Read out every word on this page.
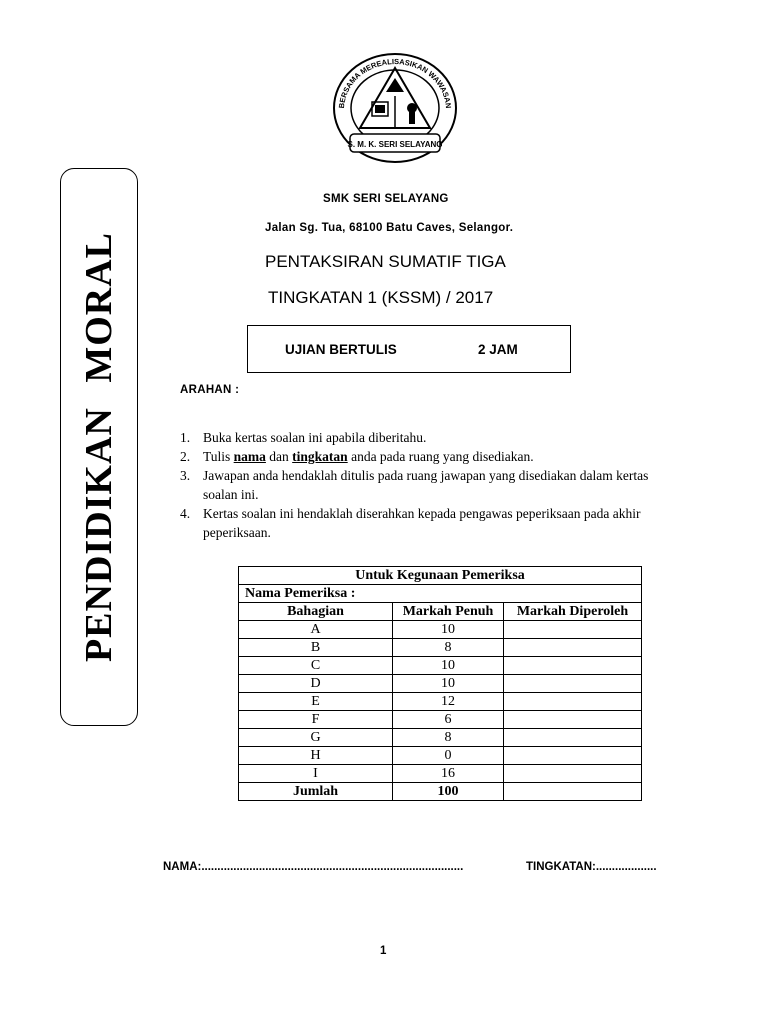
S. M. K. SERI SELAYANG
BERSAMA MEREALISASIKAN WAWASAN
PENDIDIKAN MORAL
SMK SERI SELAYANG
Jalan Sg. Tua, 68100 Batu Caves, Selangor.
PENTAKSIRAN SUMATIF TIGA
TINGKATAN 1 (KSSM) / 2017
UJIAN BERTULIS	2 JAM
ARAHAN :
1. Buka kertas soalan ini apabila diberitahu.
2. Tulis nama dan tingkatan anda pada ruang yang disediakan.
3. Jawapan anda hendaklah ditulis pada ruang jawapan yang disediakan dalam kertas soalan ini.
4. Kertas soalan ini hendaklah diserahkan kepada pengawas peperiksaan pada akhir peperiksaan.
Untuk Kegunaan Pemeriksa		
Nama Pemeriksa :		
Bahagian	Markah Penuh	Markah Diperoleh
A	10	
B	8	
C	10	
D	10	
E	12	
F	6	
G	8	
H	0	
I	16	
Jumlah	100	
NAMA:..................................................................................	TINGKATAN:...................
1
